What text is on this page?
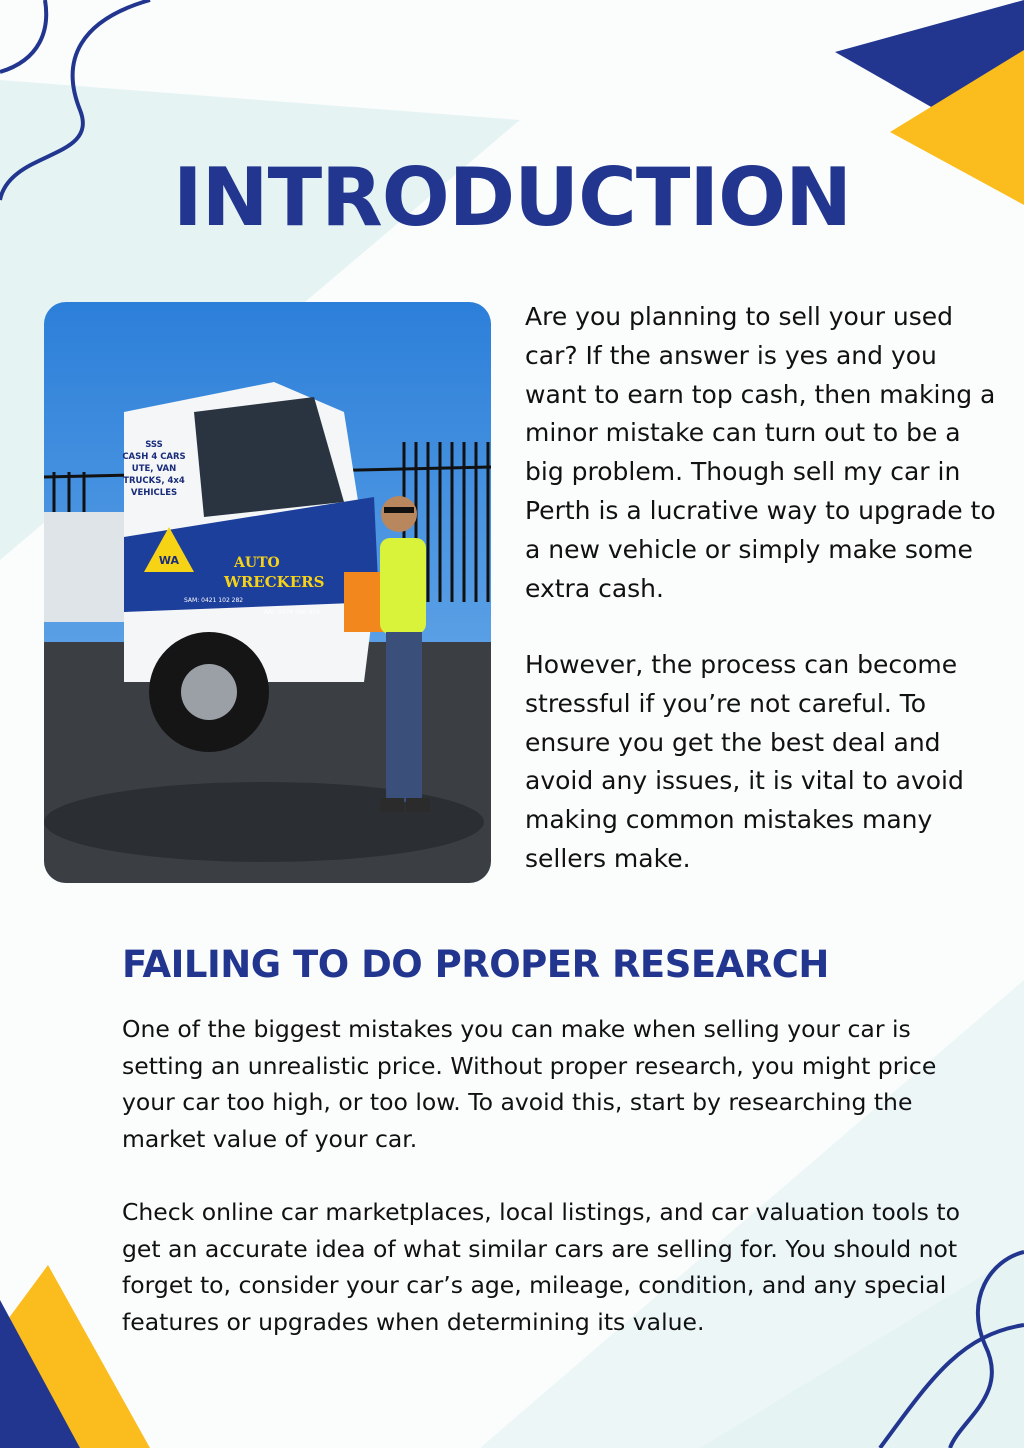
INTRODUCTION
SSS
CASH 4 CARS
UTE, VAN
TRUCKS, 4x4
VEHICLES
WA	AUTO
WRECKERS
SAM: 0421 102 282
ARI: 0474 996 454

Are you planning to sell your used car? If the answer is yes and you want to earn top cash, then making a minor mistake can turn out to be a big problem. Though sell my car in Perth is a lucrative way to upgrade to a new vehicle or simply make some extra cash.

However, the process can become stressful if you’re not careful. To ensure you get the best deal and avoid any issues, it is vital to avoid making common mistakes many sellers make.

FAILING TO DO PROPER RESEARCH

One of the biggest mistakes you can make when selling your car is setting an unrealistic price. Without proper research, you might price your car too high, or too low. To avoid this, start by researching the market value of your car.

Check online car marketplaces, local listings, and car valuation tools to get an accurate idea of what similar cars are selling for. You should not forget to, consider your car’s age, mileage, condition, and any special features or upgrades when determining its value.
